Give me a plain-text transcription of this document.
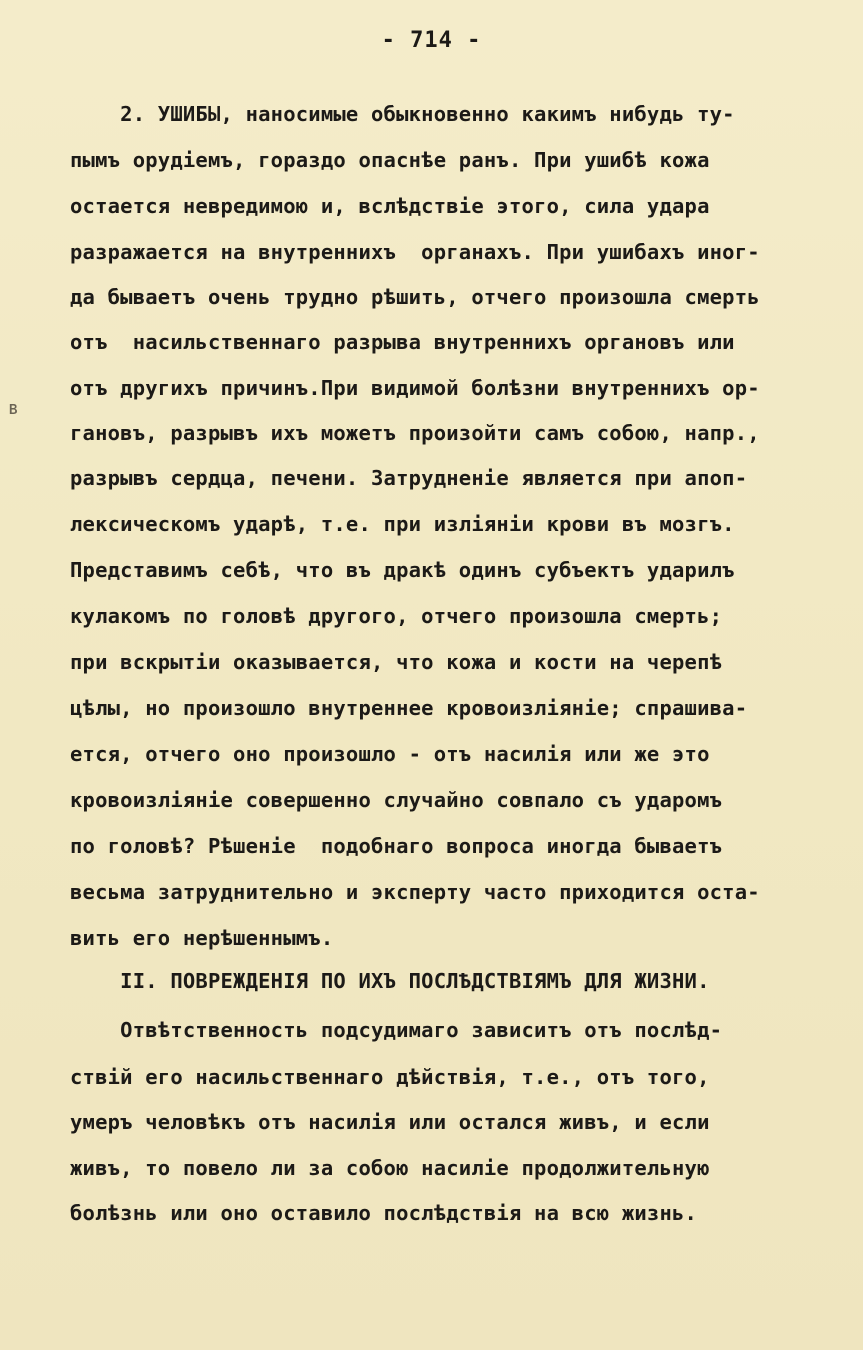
- 714 -
2. УШИБЫ, наносимые обыкновенно какимъ нибудь ту-
пымъ орудiемъ, гораздо опаснѣе ранъ. При ушибѣ кожа
остается невредимою и, вслѣдствiе этого, сила удара
разражается на внутреннихъ  органахъ. При ушибахъ иног-
да бываетъ очень трудно рѣшить, отчего произошла смерть
отъ  насильственнаго разрыва внутреннихъ органовъ или
отъ другихъ причинъ.При видимой болѣзни внутреннихъ ор-
гановъ, разрывъ ихъ можетъ произойти самъ собою, напр.,
разрывъ сердца, печени. Затрудненiе является при апоп-
лексическомъ ударѣ, т.е. при изліянiи крови въ мозгъ.
Представимъ себѣ, что въ дракѣ одинъ субъектъ ударилъ
кулакомъ по головѣ другого, отчего произошла смерть;
при вскрытiи оказывается, что кожа и кости на черепѣ
цѣлы, но произошло внутреннее кровоизліянiе; спрашива-
ется, отчего оно произошло - отъ насилiя или же это
кровоизліянiе совершенно случайно совпало съ ударомъ
по головѣ? Рѣшенiе  подобнаго вопроса иногда бываетъ
весьма затруднительно и эксперту часто приходится оста-
вить его нерѣшеннымъ.
II. ПОВРЕЖДЕНIЯ ПО ИХЪ ПОСЛѢДСТВIЯМЪ ДЛЯ ЖИЗНИ.
Отвѣтственность подсудимаго зависитъ отъ послѣд-
ствiй его насильственнаго дѣйствiя, т.е., отъ того,
умеръ человѣкъ отъ насилiя или остался живъ, и если
живъ, то повело ли за собою насилiе продолжительную
болѣзнь или оно оставило послѣдствiя на всю жизнь.
ʙ
